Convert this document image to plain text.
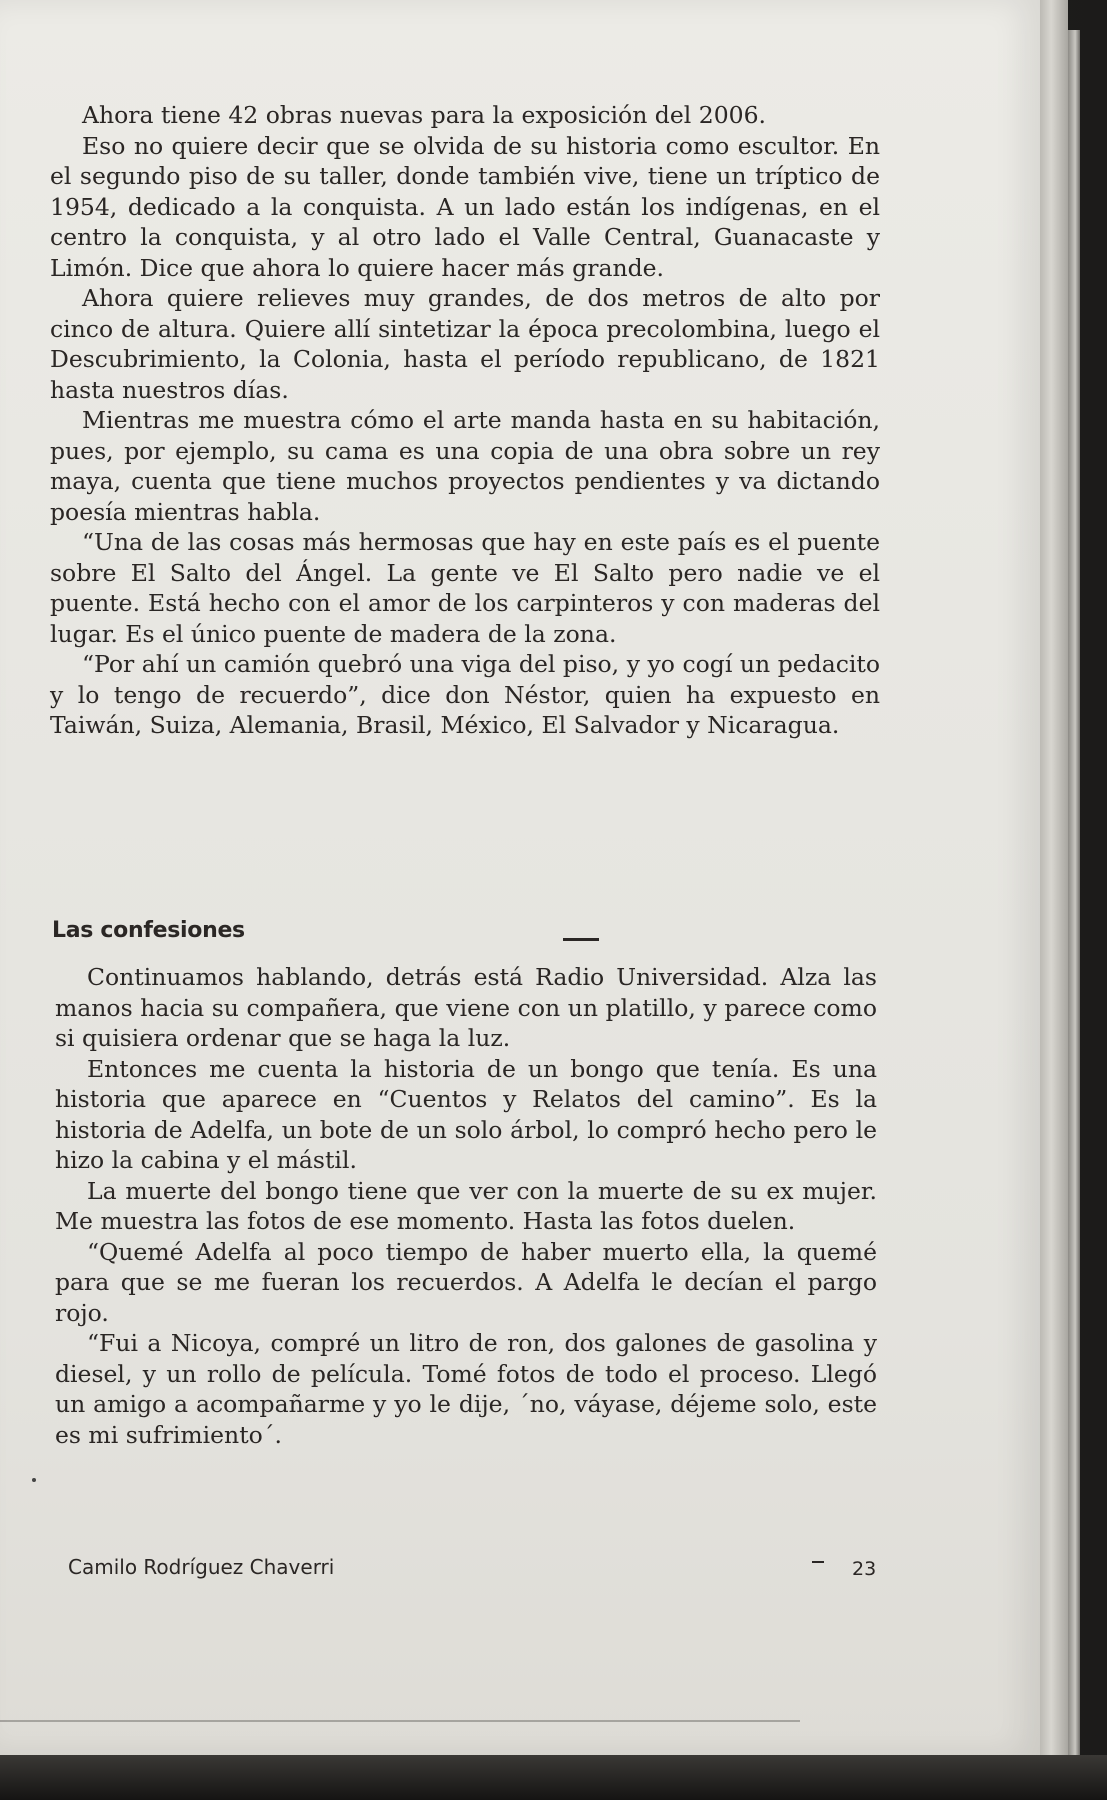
Ahora tiene 42 obras nuevas para la exposición del 2006.

Eso no quiere decir que se olvida de su historia como escultor. En el segundo piso de su taller, donde también vive, tiene un tríptico de 1954, dedicado a la conquista. A un lado están los indígenas, en el centro la conquista, y al otro lado el Valle Central, Guanacaste y Limón. Dice que ahora lo quiere hacer más grande.

Ahora quiere relieves muy grandes, de dos metros de alto por cinco de altura. Quiere allí sintetizar la época precolombina, luego el Descubrimiento, la Colonia, hasta el período republicano, de 1821 hasta nuestros días.

Mientras me muestra cómo el arte manda hasta en su habitación, pues, por ejemplo, su cama es una copia de una obra sobre un rey maya, cuenta que tiene muchos proyectos pendientes y va dictando poesía mientras habla.

“Una de las cosas más hermosas que hay en este país es el puente sobre El Salto del Ángel. La gente ve El Salto pero nadie ve el puente. Está hecho con el amor de los carpinteros y con maderas del lugar. Es el único puente de madera de la zona.

“Por ahí un camión quebró una viga del piso, y yo cogí un pedacito y lo tengo de recuerdo”, dice don Néstor, quien ha expuesto en Taiwán, Suiza, Alemania, Brasil, México, El Salvador y Nicaragua.

Las confesiones

Continuamos hablando, detrás está Radio Universidad. Alza las manos hacia su compañera, que viene con un platillo, y parece como si quisiera ordenar que se haga la luz.

Entonces me cuenta la historia de un bongo que tenía. Es una historia que aparece en “Cuentos y Relatos del camino”. Es la historia de Adelfa, un bote de un solo árbol, lo compró hecho pero le hizo la cabina y el mástil.

La muerte del bongo tiene que ver con la muerte de su ex mujer. Me muestra las fotos de ese momento. Hasta las fotos duelen.

“Quemé Adelfa al poco tiempo de haber muerto ella, la quemé para que se me fueran los recuerdos. A Adelfa le decían el pargo rojo.

“Fui a Nicoya, compré un litro de ron, dos galones de gasolina y diesel, y un rollo de película. Tomé fotos de todo el proceso. Llegó un amigo a acompañarme y yo le dije, ´no, váyase, déjeme solo, este es mi sufrimiento´.

Camilo Rodríguez Chaverri	23
